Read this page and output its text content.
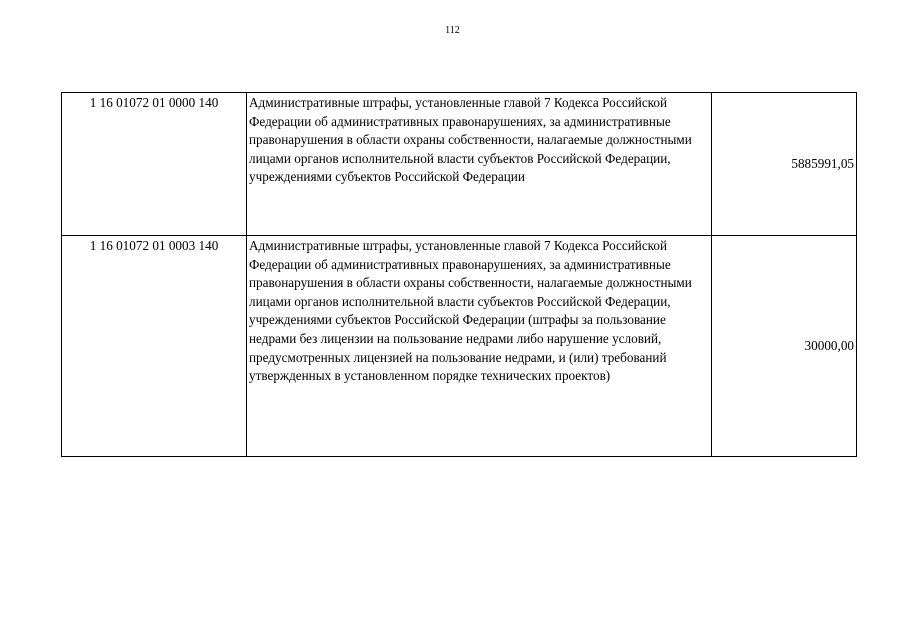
112
1 16 01072 01 0000 140	Административные штрафы, установленные главой 7 Кодекса Российской Федерации об административных правонарушениях, за административные правонарушения в области охраны собственности, налагаемые должностными лицами органов исполнительной власти субъектов Российской Федерации, учреждениями субъектов Российской Федерации	5885991,05
1 16 01072 01 0003 140	Административные штрафы, установленные главой 7 Кодекса Российской Федерации об административных правонарушениях, за административные правонарушения в области охраны собственности, налагаемые должностными лицами органов исполнительной власти субъектов Российской Федерации, учреждениями субъектов Российской Федерации (штрафы за пользование недрами без лицензии на пользование недрами либо нарушение условий, предусмотренных лицензией на пользование недрами, и (или) требований утвержденных в установленном порядке технических проектов)	30000,00
